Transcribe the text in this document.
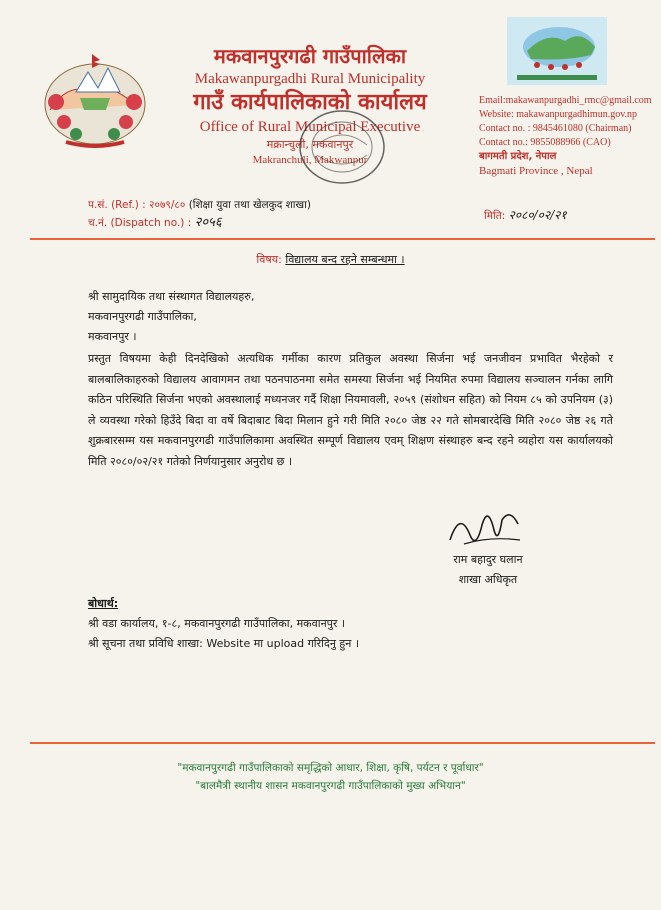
मकवानपुरगढी गाउँपालिका
Makawanpurgadhi Rural Municipality
गाउँ कार्यपालिकाको कार्यालय
Office of Rural Municipal Executive
मक्रान्चुली, मकवानपुर
Makranchuli, Makwanpur
Email:makawanpurgadhi_rmc@gmail.com
Website: makawanpurgadhimun.gov.np
Contact no. : 9845461080 (Chairman)
Contact no.: 9855088966 (CAO)
बागमती प्रदेश, नेपाल
Bagmati Province , Nepal
प.सं. (Ref.) : २०७९/८० (शिक्षा युवा तथा खेलकुद शाखा)
च.नं. (Dispatch no.) : २०५६	मिति: २०८०/०२/२१
विषय: विद्यालय बन्द रहने सम्बन्धमा ।
श्री सामुदायिक तथा संस्थागत विद्यालयहरु,
मकवानपुरगढी गाउँपालिका,
मकवानपुर ।
प्रस्तुत विषयमा केही दिनदेखिको अत्यधिक गर्मीका कारण प्रतिकुल अवस्था सिर्जना भई जनजीवन प्रभावित भैरहेको र बालबालिकाहरुको विद्यालय आवागमन तथा पठनपाठनमा समेत समस्या सिर्जना भई नियमित रुपमा विद्यालय सञ्चालन गर्नका लागि कठिन परिस्थिति सिर्जना भएको अवस्थालाई मध्यनजर गर्दै शिक्षा नियमावली, २०५९ (संशोधन सहित) को नियम ८५ को उपनियम (३) ले व्यवस्था गरेको हिउँदे बिदा वा वर्षे बिदाबाट बिदा मिलान हुने गरी मिति २०८० जेष्ठ २२ गते सोमबारदेखि मिति २०८० जेष्ठ २६ गते शुक्रबारसम्म यस मकवानपुरगढी गाउँपालिकामा अवस्थित सम्पूर्ण विद्यालय एवम् शिक्षण संस्थाहरु बन्द रहने व्यहोरा यस कार्यालयको मिति २०८०/०२/२१ गतेको निर्णयानुसार अनुरोध छ ।
राम बहादुर घलान
शाखा अधिकृत
बोधार्थ:
श्री वडा कार्यालय, १-८, मकवानपुरगढी गाउँपालिका, मकवानपुर ।
श्री सूचना तथा प्रविधि शाखा: Website मा upload गरिदिनु हुन ।
"मकवानपुरगढी गाउँपालिकाको समृद्धिको आधार, शिक्षा, कृषि, पर्यटन र पूर्वाधार"
"बालमैत्री स्थानीय शासन मकवानपुरगढी गाउँपालिकाको मुख्य अभियान"
